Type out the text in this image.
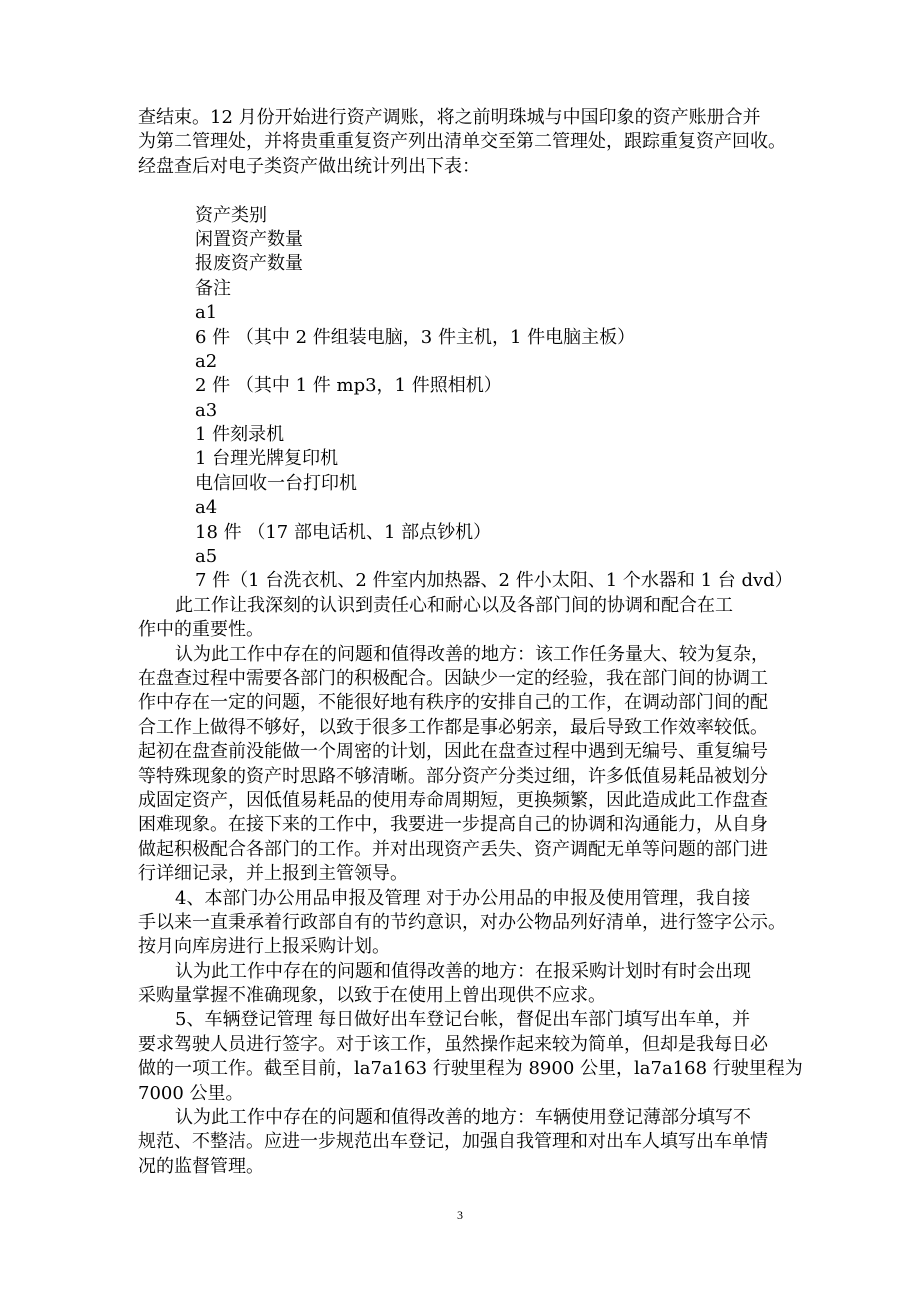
查结束。12 月份开始进行资产调账，将之前明珠城与中国印象的资产账册合并
为第二管理处，并将贵重重复资产列出清单交至第二管理处，跟踪重复资产回收。
经盘查后对电子类资产做出统计列出下表：
资产类别
闲置资产数量
报废资产数量
备注
a1
6 件 （其中 2 件组装电脑，3 件主机，1 件电脑主板）
a2
2 件 （其中 1 件 mp3，1 件照相机）
a3
1 件刻录机
1 台理光牌复印机
电信回收一台打印机
a4
18 件 （17 部电话机、1 部点钞机）
a5
7 件（1 台洗衣机、2 件室内加热器、2 件小太阳、1 个水器和 1 台 dvd）
此工作让我深刻的认识到责任心和耐心以及各部门间的协调和配合在工
作中的重要性。
认为此工作中存在的问题和值得改善的地方：该工作任务量大、较为复杂，
在盘查过程中需要各部门的积极配合。因缺少一定的经验，我在部门间的协调工
作中存在一定的问题，不能很好地有秩序的安排自己的工作，在调动部门间的配
合工作上做得不够好，以致于很多工作都是事必躬亲，最后导致工作效率较低。
起初在盘查前没能做一个周密的计划，因此在盘查过程中遇到无编号、重复编号
等特殊现象的资产时思路不够清晰。部分资产分类过细，许多低值易耗品被划分
成固定资产，因低值易耗品的使用寿命周期短，更换频繁，因此造成此工作盘查
困难现象。在接下来的工作中，我要进一步提高自己的协调和沟通能力，从自身
做起积极配合各部门的工作。并对出现资产丢失、资产调配无单等问题的部门进
行详细记录，并上报到主管领导。
4、本部门办公用品申报及管理 对于办公用品的申报及使用管理，我自接
手以来一直秉承着行政部自有的节约意识，对办公物品列好清单，进行签字公示。
按月向库房进行上报采购计划。
认为此工作中存在的问题和值得改善的地方：在报采购计划时有时会出现
采购量掌握不准确现象，以致于在使用上曾出现供不应求。
5、车辆登记管理 每日做好出车登记台帐，督促出车部门填写出车单，并
要求驾驶人员进行签字。对于该工作，虽然操作起来较为简单，但却是我每日必
做的一项工作。截至目前，la7a163 行驶里程为 8900 公里，la7a168 行驶里程为
7000 公里。
认为此工作中存在的问题和值得改善的地方：车辆使用登记薄部分填写不
规范、不整洁。应进一步规范出车登记，加强自我管理和对出车人填写出车单情
况的监督管理。
3
